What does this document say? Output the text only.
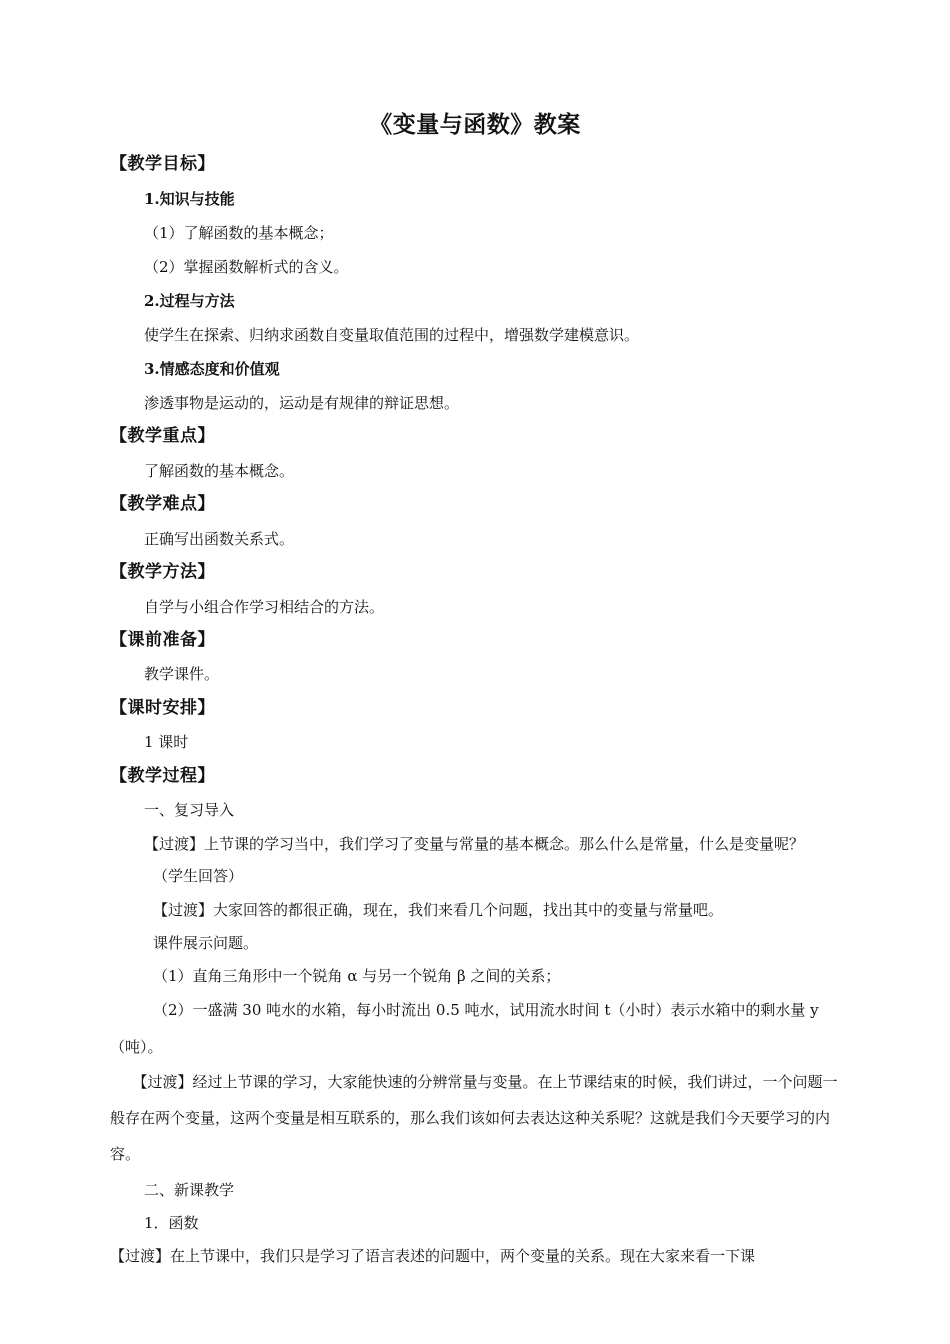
《变量与函数》教案
【教学目标】
1.知识与技能
（1）了解函数的基本概念；
（2）掌握函数解析式的含义。
2.过程与方法
使学生在探索、归纳求函数自变量取值范围的过程中，增强数学建模意识。
3.情感态度和价值观
渗透事物是运动的，运动是有规律的辩证思想。
【教学重点】
了解函数的基本概念。
【教学难点】
正确写出函数关系式。
【教学方法】
自学与小组合作学习相结合的方法。
【课前准备】
教学课件。
【课时安排】
1 课时
【教学过程】
一、复习导入
【过渡】上节课的学习当中，我们学习了变量与常量的基本概念。那么什么是常量，什么是变量呢？
（学生回答）
【过渡】大家回答的都很正确，现在，我们来看几个问题，找出其中的变量与常量吧。
课件展示问题。
（1）直角三角形中一个锐角 α 与另一个锐角 β 之间的关系；
（2）一盛满 30 吨水的水箱，每小时流出 0.5 吨水，试用流水时间 t（小时）表示水箱中的剩水量 y
（吨）。
　　【过渡】经过上节课的学习，大家能快速的分辨常量与变量。在上节课结束的时候，我们讲过，一个问题一般存在两个变量，这两个变量是相互联系的，那么我们该如何去表达这种关系呢？这就是我们今天要学习的内容。
二、新课教学
1．函数
【过渡】在上节课中，我们只是学习了语言表述的问题中，两个变量的关系。现在大家来看一下课
